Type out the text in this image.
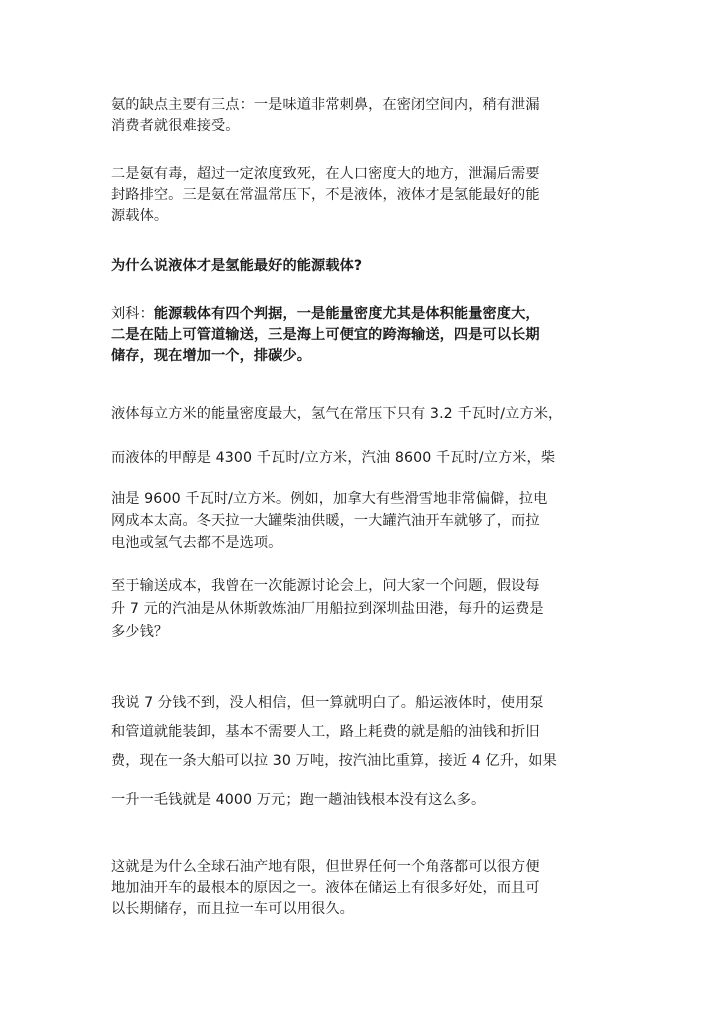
氨的缺点主要有三点：一是味道非常刺鼻，在密闭空间内，稍有泄漏
消费者就很难接受。

二是氨有毒，超过一定浓度致死，在人口密度大的地方，泄漏后需要
封路排空。三是氨在常温常压下，不是液体，液体才是氢能最好的能
源载体。

为什么说液体才是氢能最好的能源载体?

刘科：能源载体有四个判据，一是能量密度尤其是体积能量密度大，
二是在陆上可管道输送，三是海上可便宜的跨海输送，四是可以长期
储存，现在增加一个，排碳少。

液体每立方米的能量密度最大，氢气在常压下只有 3.2 千瓦时/立方米，
而液体的甲醇是 4300 千瓦时/立方米，汽油 8600 千瓦时/立方米，柴
油是 9600 千瓦时/立方米。例如，加拿大有些滑雪地非常偏僻，拉电
网成本太高。冬天拉一大罐柴油供暖，一大罐汽油开车就够了，而拉
电池或氢气去都不是选项。

至于输送成本，我曾在一次能源讨论会上，问大家一个问题，假设每
升 7 元的汽油是从休斯敦炼油厂用船拉到深圳盐田港，每升的运费是
多少钱？

我说 7 分钱不到，没人相信，但一算就明白了。船运液体时，使用泵
和管道就能装卸，基本不需要人工，路上耗费的就是船的油钱和折旧
费，现在一条大船可以拉 30 万吨，按汽油比重算，接近 4 亿升，如果
一升一毛钱就是 4000 万元；跑一趟油钱根本没有这么多。

这就是为什么全球石油产地有限，但世界任何一个角落都可以很方便
地加油开车的最根本的原因之一。液体在储运上有很多好处，而且可
以长期储存，而且拉一车可以用很久。
